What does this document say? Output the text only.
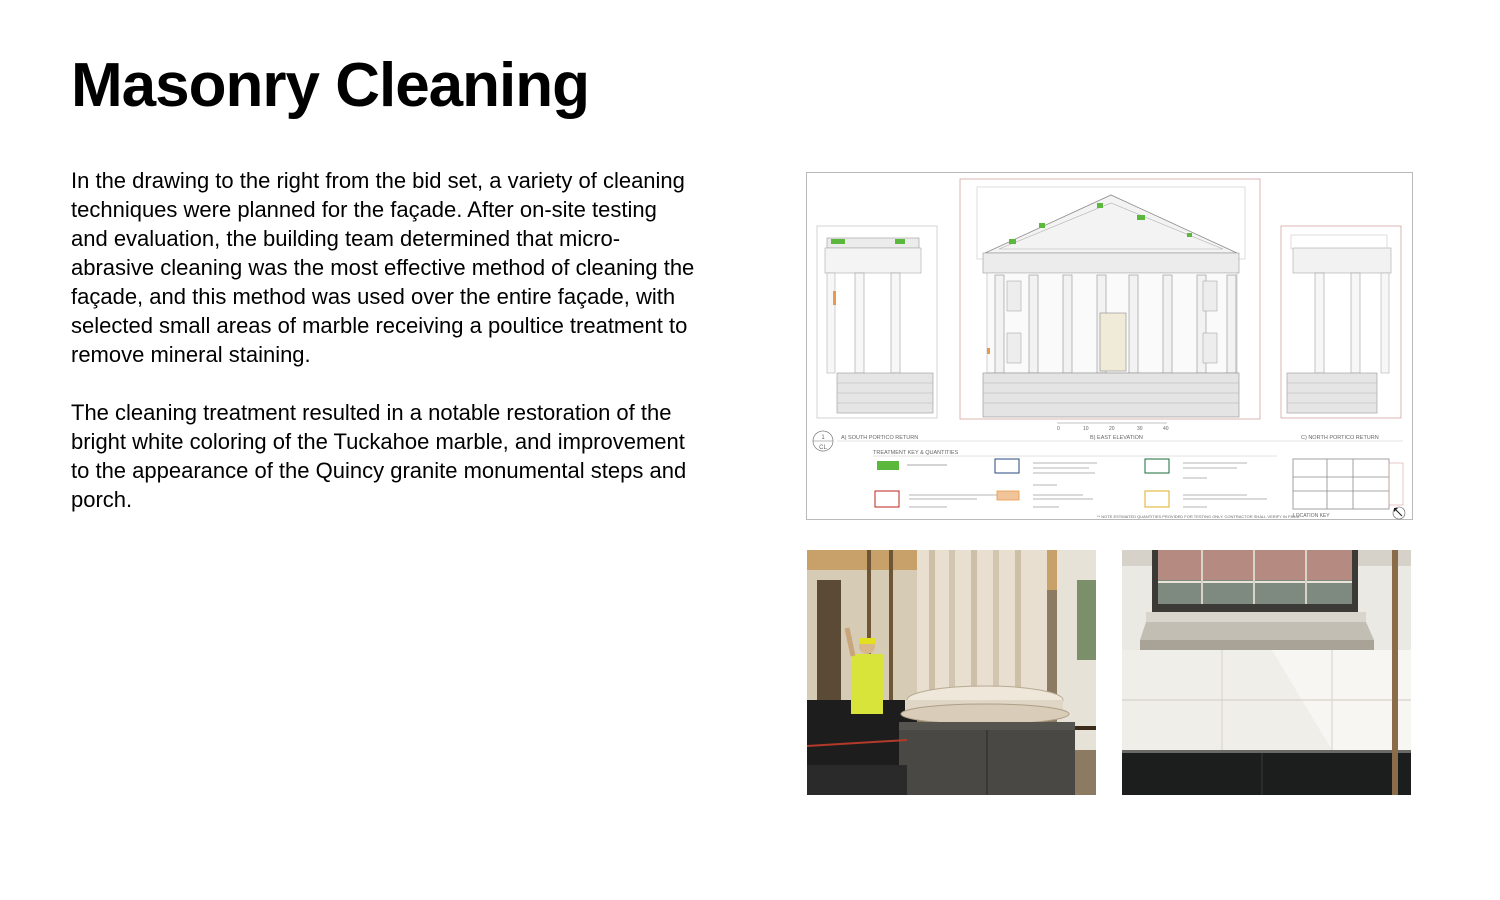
Masonry Cleaning

In the drawing to the right from the bid set, a variety of cleaning techniques were planned for the façade. After on-site testing and evaluation, the building team determined that micro-abrasive cleaning was the most effective method of cleaning the façade, and this method was used over the entire façade, with selected small areas of marble receiving a poultice treatment to remove mineral staining.

The cleaning treatment resulted in a notable restoration of the bright white coloring of the Tuckahoe marble, and improvement to the appearance of the Quincy granite monumental steps and porch.

0	10	20	30	40
1
CL
A) SOUTH PORTICO RETURN	B) EAST ELEVATION	C) NORTH PORTICO RETURN
TREATMENT KEY & QUANTITIES
LOCATION KEY
** NOTE ESTIMATED QUANTITIES PROVIDED FOR TESTING ONLY. CONTRACTOR SHALL VERIFY IN FIELD
